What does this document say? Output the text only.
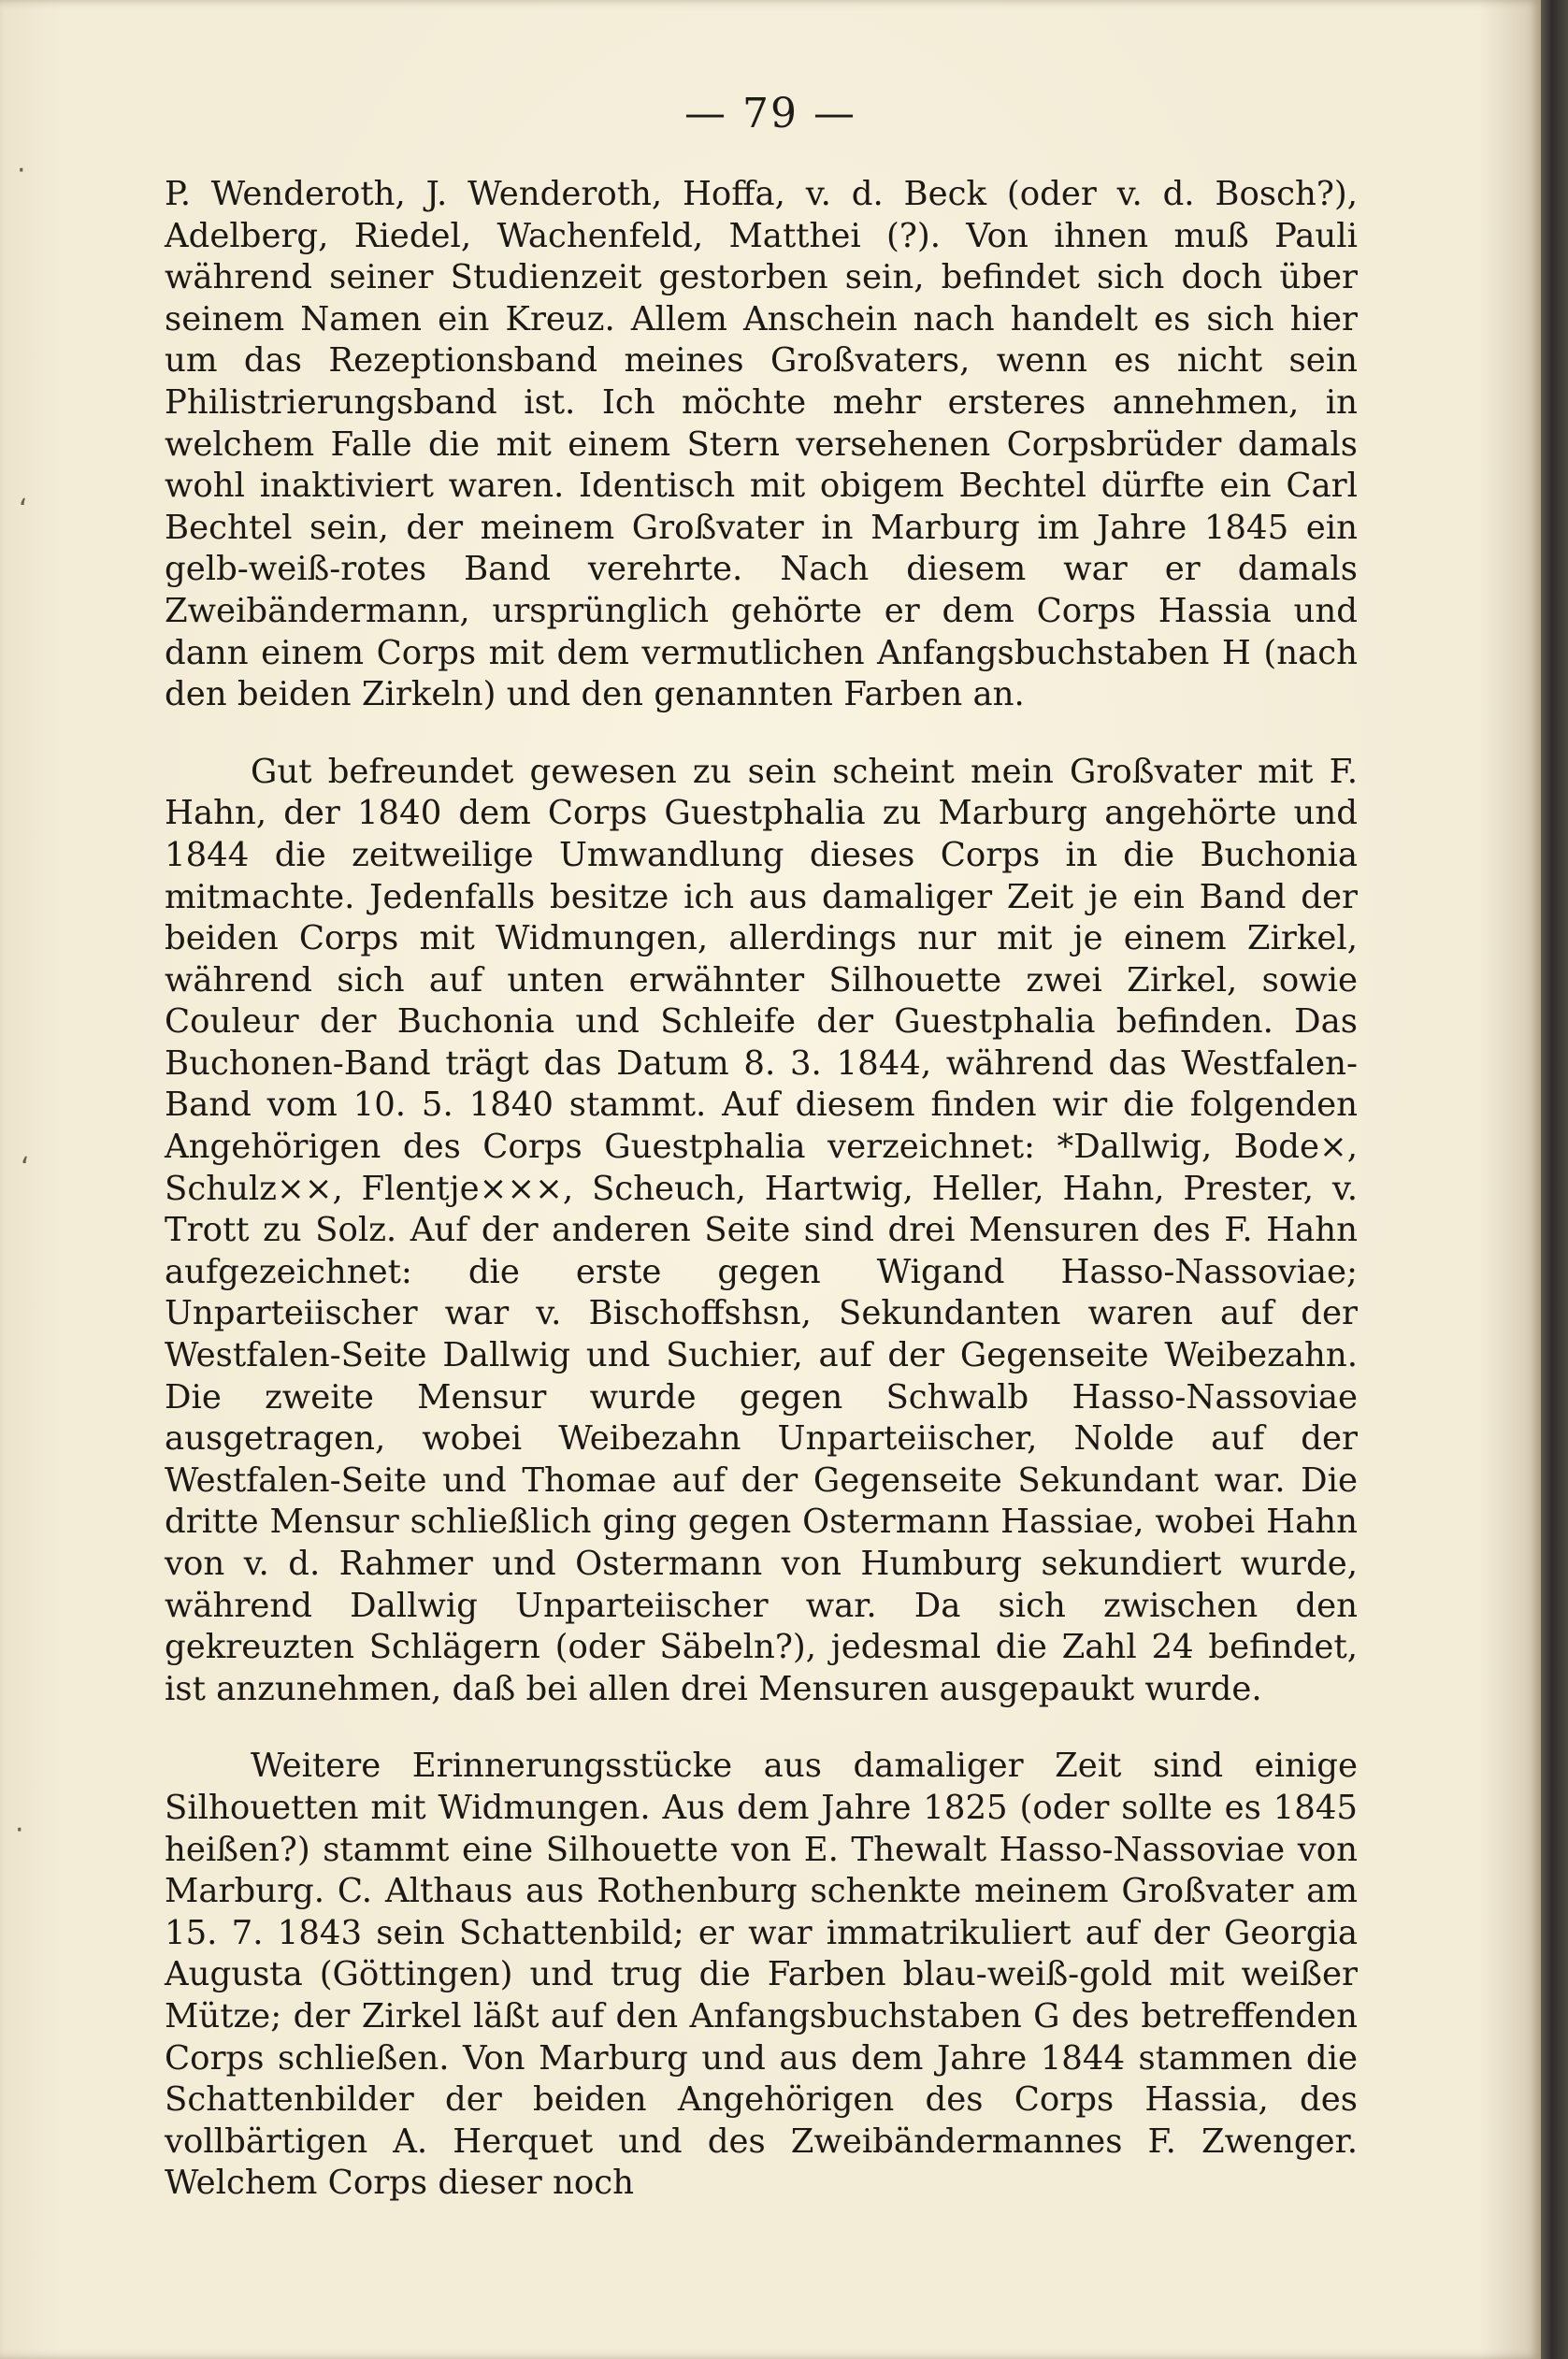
— 79 —
·
‘
‘
·

P. Wenderoth, J. Wenderoth, Hoffa, v. d. Beck (oder v. d. Bosch?), Adelberg, Riedel, Wachenfeld, Matthei (?). Von ihnen muß Pauli während seiner Studienzeit gestorben sein, befindet sich doch über seinem Namen ein Kreuz. Allem Anschein nach handelt es sich hier um das Rezeptionsband meines Großvaters, wenn es nicht sein Philistrierungsband ist. Ich möchte mehr ersteres annehmen, in welchem Falle die mit einem Stern versehenen Corpsbrüder damals wohl inaktiviert waren. Identisch mit obigem Bechtel dürfte ein Carl Bechtel sein, der meinem Großvater in Marburg im Jahre 1845 ein gelb-weiß-rotes Band verehrte. Nach diesem war er damals Zweibändermann, ursprünglich gehörte er dem Corps Hassia und dann einem Corps mit dem vermutlichen Anfangsbuchstaben H (nach den beiden Zirkeln) und den genannten Farben an.

Gut befreundet gewesen zu sein scheint mein Großvater mit F. Hahn, der 1840 dem Corps Guestphalia zu Marburg angehörte und 1844 die zeitweilige Umwandlung dieses Corps in die Buchonia mitmachte. Jedenfalls besitze ich aus damaliger Zeit je ein Band der beiden Corps mit Widmungen, allerdings nur mit je einem Zirkel, während sich auf unten erwähnter Silhouette zwei Zirkel, sowie Couleur der Buchonia und Schleife der Guestphalia befinden. Das Buchonen-Band trägt das Datum 8. 3. 1844, während das Westfalen-Band vom 10. 5. 1840 stammt. Auf diesem finden wir die folgenden Angehörigen des Corps Guestphalia verzeichnet: *Dallwig, Bode×, Schulz××, Flentje×××, Scheuch, Hartwig, Heller, Hahn, Prester, v. Trott zu Solz. Auf der anderen Seite sind drei Mensuren des F. Hahn aufgezeichnet: die erste gegen Wigand Hasso-Nassoviae; Unparteiischer war v. Bischoffshsn, Sekundanten waren auf der Westfalen-Seite Dallwig und Suchier, auf der Gegenseite Weibezahn. Die zweite Mensur wurde gegen Schwalb Hasso-Nassoviae ausgetragen, wobei Weibezahn Unparteiischer, Nolde auf der Westfalen-Seite und Thomae auf der Gegenseite Sekundant war. Die dritte Mensur schließlich ging gegen Ostermann Hassiae, wobei Hahn von v. d. Rahmer und Ostermann von Humburg sekundiert wurde, während Dallwig Unparteiischer war. Da sich zwischen den gekreuzten Schlägern (oder Säbeln?), jedesmal die Zahl 24 befindet, ist anzunehmen, daß bei allen drei Mensuren ausgepaukt wurde.

Weitere Erinnerungsstücke aus damaliger Zeit sind einige Silhouetten mit Widmungen. Aus dem Jahre 1825 (oder sollte es 1845 heißen?) stammt eine Silhouette von E. Thewalt Hasso-Nassoviae von Marburg. C. Althaus aus Rothenburg schenkte meinem Großvater am 15. 7. 1843 sein Schattenbild; er war immatrikuliert auf der Georgia Augusta (Göttingen) und trug die Farben blau-weiß-gold mit weißer Mütze; der Zirkel läßt auf den Anfangsbuchstaben G des betreffenden Corps schließen. Von Marburg und aus dem Jahre 1844 stammen die Schattenbilder der beiden Angehörigen des Corps Hassia, des vollbärtigen A. Herquet und des Zweibändermannes F. Zwenger. Welchem Corps dieser noch
